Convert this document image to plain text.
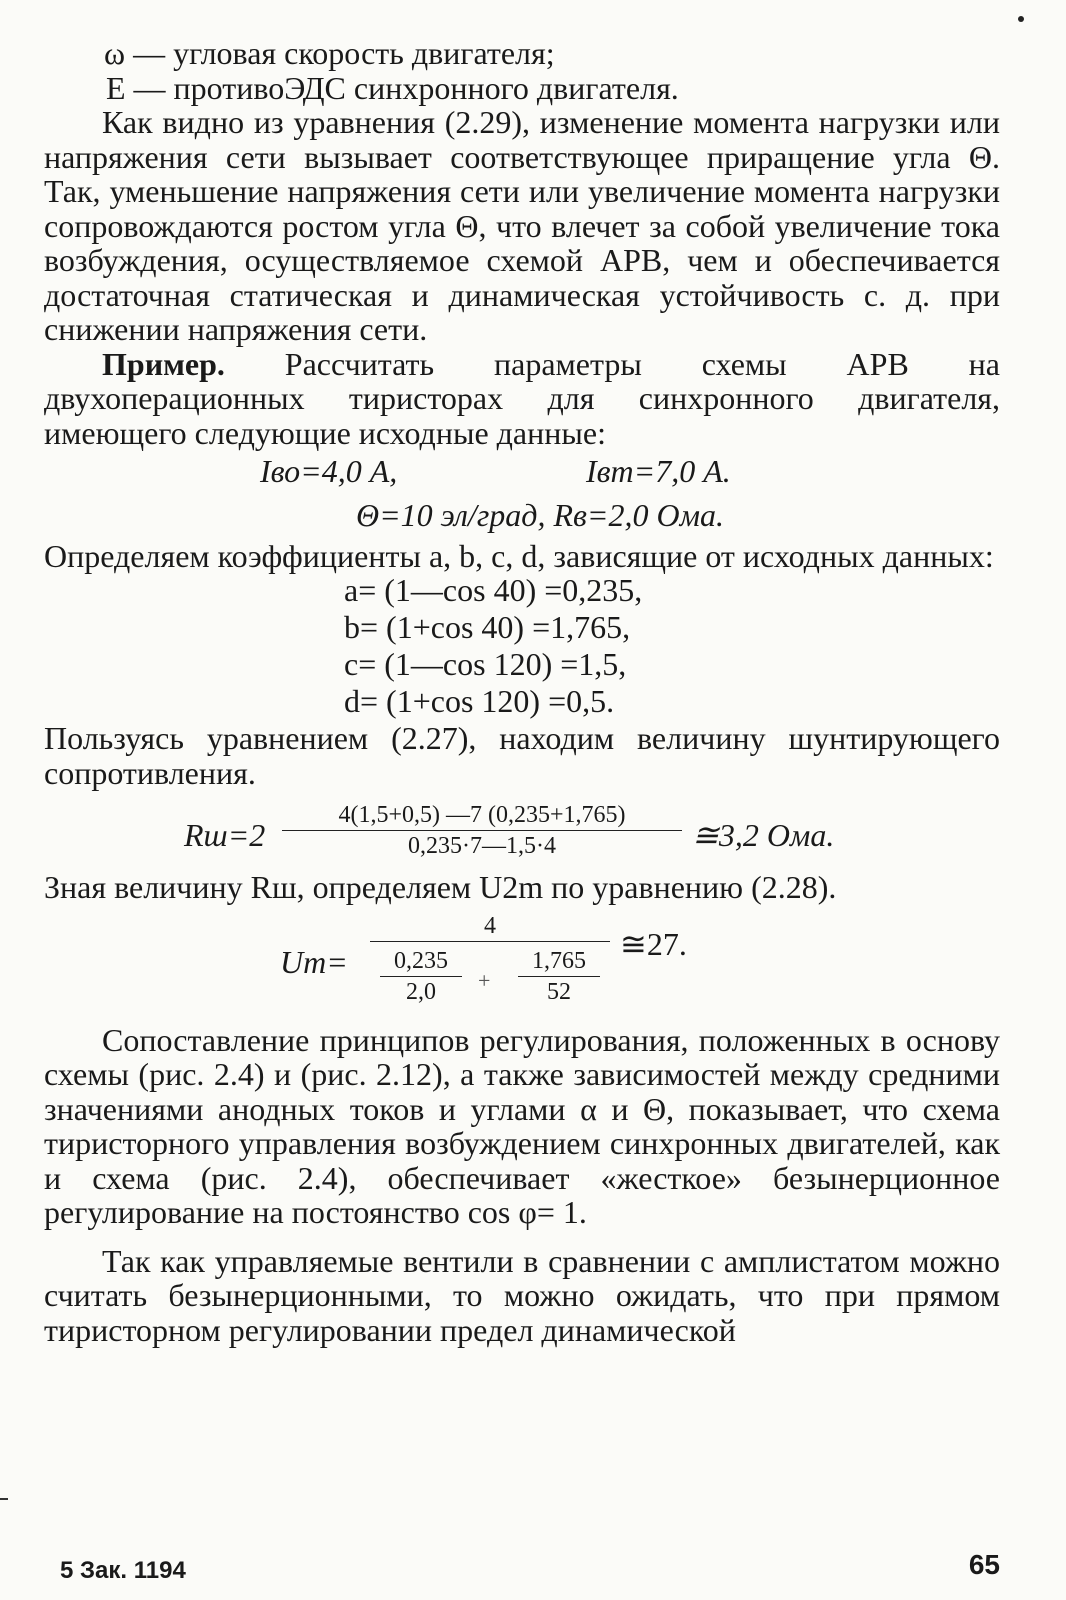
ω — угловая скорость двигателя;
E — противоЭДС синхронного двигателя.

Как видно из уравнения (2.29), изменение момента нагрузки или напряжения сети вызывает соответствующее приращение угла Θ. Так, уменьшение напряжения сети или увеличение момента нагрузки сопровождаются ростом угла Θ, что влечет за собой увеличение тока возбуждения, осуществляемое схемой АРВ, чем и обеспечивается достаточная статическая и динамическая устойчивость с. д. при снижении напряжения сети.

Пример. Рассчитать параметры схемы АРВ на двухоперационных тиристорах для синхронного двигателя, имеющего следующие исходные данные:

Iво=4,0 А,	Iвm=7,0 А.
Θ=10 эл/град, Rв=2,0 Ома.

Определяем коэффициенты a, b, c, d, зависящие от исходных данных:

a= (1—cos 40) =0,235,
b= (1+cos 40) =1,765,
c= (1—cos 120) =1,5,
d= (1+cos 120) =0,5.

Пользуясь уравнением (2.27), находим величину шунтирующего сопротивления.

$Rш=2 \frac{4(1,5+0,5) —7 (0,235+1,765)}{0,235\cdot 7—1,5\cdot 4}$ ≅3,2 Ома.

Зная величину Rш, определяем U2m по уравнению (2.28).

Um=
4
$\frac{0,235}{2,0} + \frac{1,765}{52}$
≅27.

Сопоставление принципов регулирования, положенных в основу схемы (рис. 2.4) и (рис. 2.12), а также зависимостей между средними значениями анодных токов и углами α и Θ, показывает, что схема тиристорного управления возбуждением синхронных двигателей, как и схема (рис. 2.4), обеспечивает «жесткое» безынерционное регулирование на постоянство cos φ= 1.

Так как управляемые вентили в сравнении с амплистатом можно считать безынерционными, то можно ожидать, что при прямом тиристорном регулировании предел динамической

5 Зак. 1194	65
